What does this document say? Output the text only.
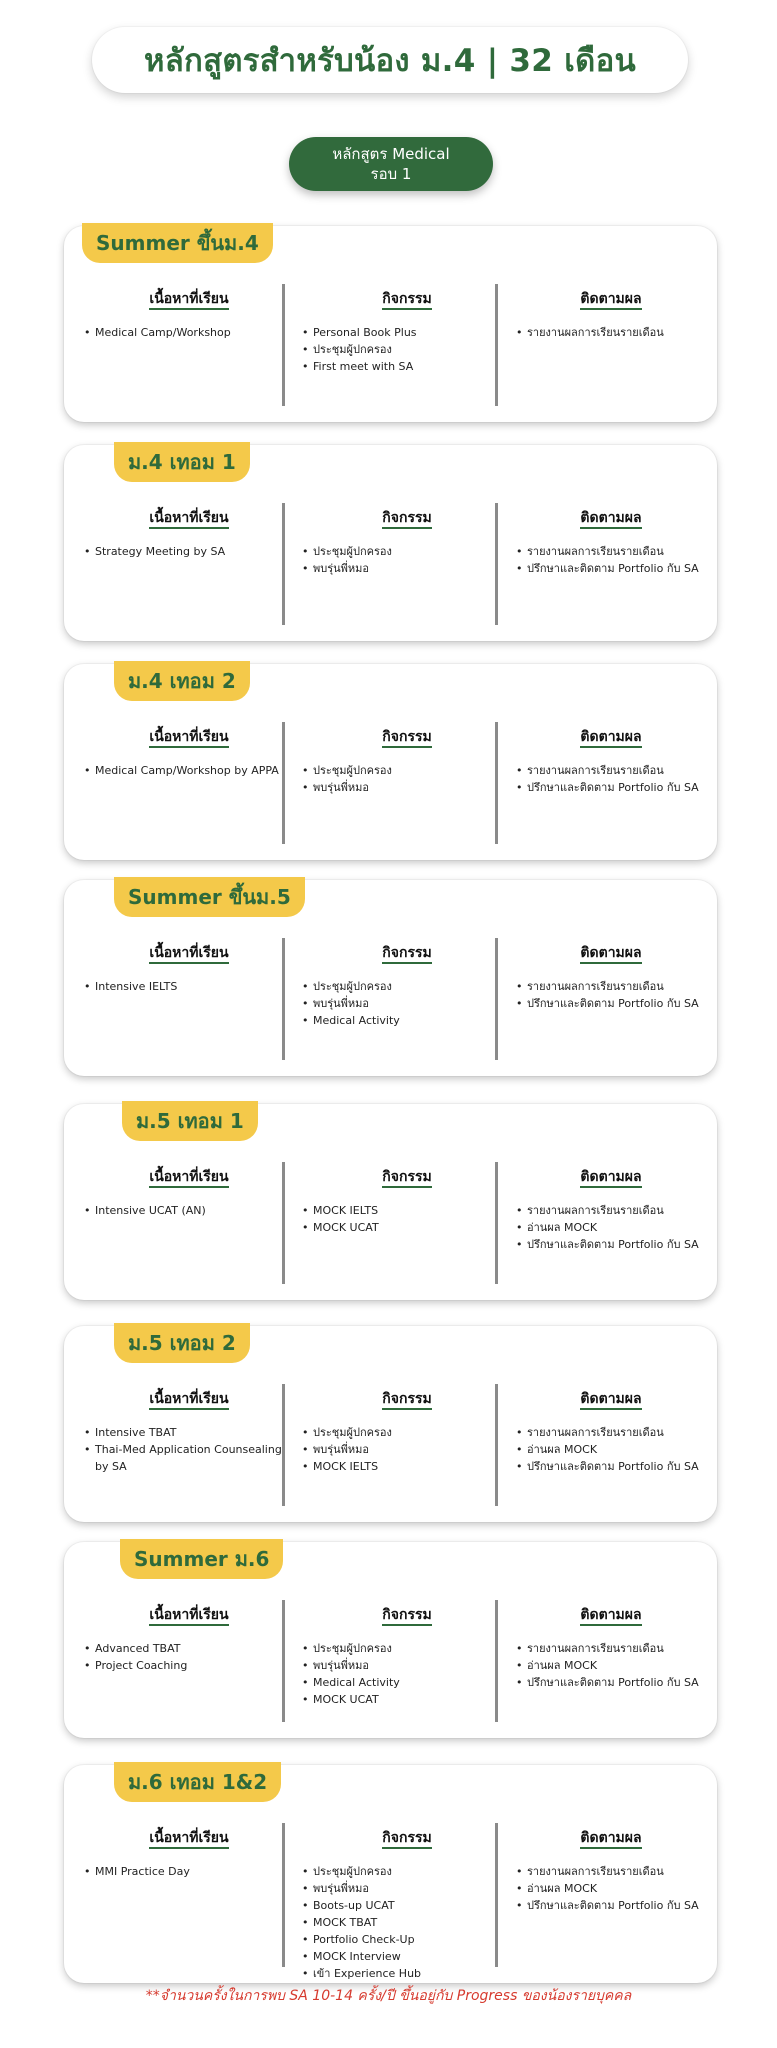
หลักสูตรสำหรับน้อง ม.4 | 32 เดือน
หลักสูตร Medical
รอบ 1
Summer ขึ้นม.4
เนื้อหาที่เรียน
• Medical Camp/Workshop
กิจกรรม
• Personal Book Plus
• ประชุมผู้ปกครอง
• First meet with SA
ติดตามผล
• รายงานผลการเรียนรายเดือน
ม.4 เทอม 1
เนื้อหาที่เรียน
• Strategy Meeting by SA
กิจกรรม
• ประชุมผู้ปกครอง
• พบรุ่นพี่หมอ
ติดตามผล
• รายงานผลการเรียนรายเดือน
• ปรึกษาและติดตาม Portfolio กับ SA
ม.4 เทอม 2
เนื้อหาที่เรียน
• Medical Camp/Workshop by APPA
กิจกรรม
• ประชุมผู้ปกครอง
• พบรุ่นพี่หมอ
ติดตามผล
• รายงานผลการเรียนรายเดือน
• ปรึกษาและติดตาม Portfolio กับ SA
Summer ขึ้นม.5
เนื้อหาที่เรียน
• Intensive IELTS
กิจกรรม
• ประชุมผู้ปกครอง
• พบรุ่นพี่หมอ
• Medical Activity
ติดตามผล
• รายงานผลการเรียนรายเดือน
• ปรึกษาและติดตาม Portfolio กับ SA
ม.5 เทอม 1
เนื้อหาที่เรียน
• Intensive UCAT (AN)
กิจกรรม
• MOCK IELTS
• MOCK UCAT
ติดตามผล
• รายงานผลการเรียนรายเดือน
• อ่านผล MOCK
• ปรึกษาและติดตาม Portfolio กับ SA
ม.5 เทอม 2
เนื้อหาที่เรียน
• Intensive TBAT
• Thai-Med Application Counsealing by SA
กิจกรรม
• ประชุมผู้ปกครอง
• พบรุ่นพี่หมอ
• MOCK IELTS
ติดตามผล
• รายงานผลการเรียนรายเดือน
• อ่านผล MOCK
• ปรึกษาและติดตาม Portfolio กับ SA
Summer ม.6
เนื้อหาที่เรียน
• Advanced TBAT
• Project Coaching
กิจกรรม
• ประชุมผู้ปกครอง
• พบรุ่นพี่หมอ
• Medical Activity
• MOCK UCAT
ติดตามผล
• รายงานผลการเรียนรายเดือน
• อ่านผล MOCK
• ปรึกษาและติดตาม Portfolio กับ SA
ม.6 เทอม 1&2
เนื้อหาที่เรียน
• MMI Practice Day
กิจกรรม
• ประชุมผู้ปกครอง
• พบรุ่นพี่หมอ
• Boots-up UCAT
• MOCK TBAT
• Portfolio Check-Up
• MOCK Interview
• เข้า Experience Hub
ติดตามผล
• รายงานผลการเรียนรายเดือน
• อ่านผล MOCK
• ปรึกษาและติดตาม Portfolio กับ SA
**จำนวนครั้งในการพบ SA 10-14 ครั้ง/ปี ขึ้นอยู่กับ Progress ของน้องรายบุคคล
